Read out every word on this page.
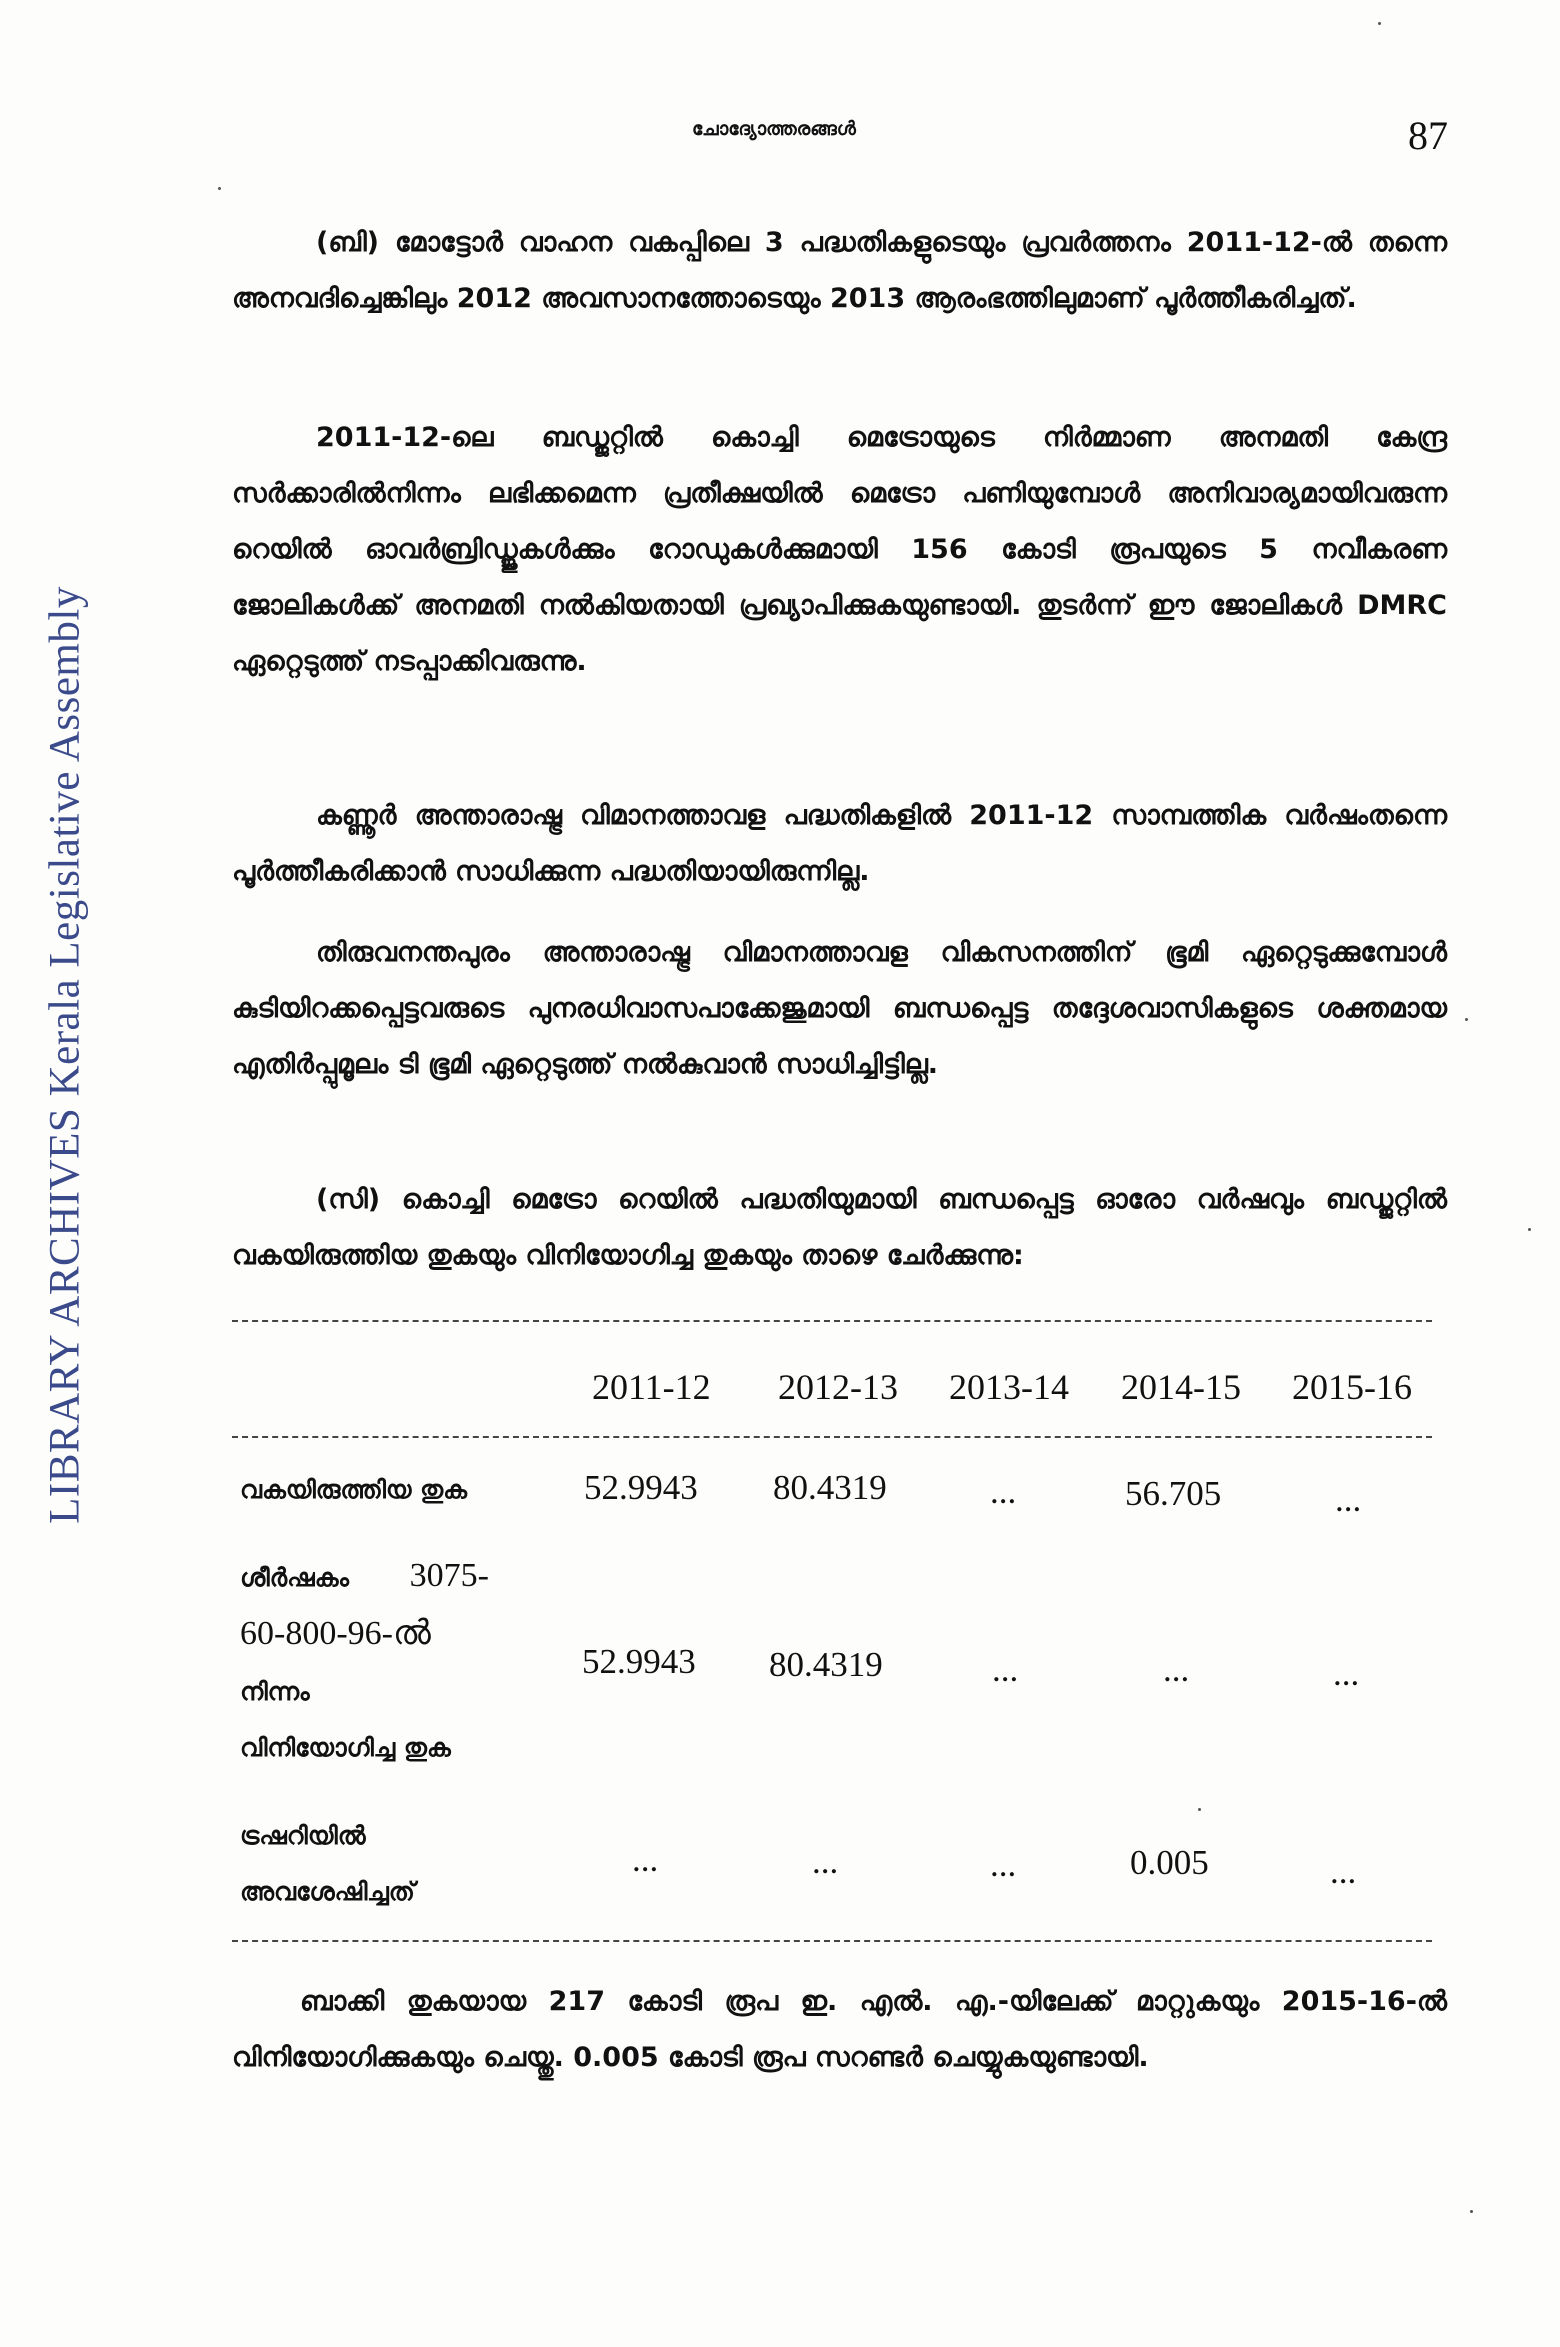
LIBRARY ARCHIVES Kerala Legislative Assembly
ചോദ്യോത്തരങ്ങൾ	87

(ബി) മോട്ടോർ വാഹന വകപ്പിലെ 3 പദ്ധതികളുടെയും പ്രവർത്തനം 2011-12-ൽ തന്നെ അനവദിച്ചെങ്കിലും 2012 അവസാനത്തോടെയും 2013 ആരംഭത്തിലുമാണ് പൂർത്തീകരിച്ചത്.

2011-12-ലെ ബഡ്ജറ്റിൽ കൊച്ചി മെട്രോയുടെ നിർമ്മാണ അനമതി കേന്ദ്ര സർക്കാരിൽനിന്നം ലഭിക്കമെന്ന പ്രതീക്ഷയിൽ മെട്രോ പണിയുമ്പോൾ അനിവാര്യമായിവരുന്ന റെയിൽ ഓവർബ്രിഡ്ജുകൾക്കും റോഡുകൾക്കുമായി 156 കോടി രൂപയുടെ 5 നവീകരണ ജോലികൾക്ക് അനമതി നൽകിയതായി പ്രഖ്യാപിക്കുകയുണ്ടായി. തുടർന്ന് ഈ ജോലികൾ DMRC ഏറ്റെടുത്ത് നടപ്പാക്കിവരുന്നു.

കണ്ണൂർ അന്താരാഷ്ട്ര വിമാനത്താവള പദ്ധതികളിൽ 2011-12 സാമ്പത്തിക വർഷംതന്നെ പൂർത്തീകരിക്കാൻ സാധിക്കുന്ന പദ്ധതിയായിരുന്നില്ല.

തിരുവനന്തപുരം അന്താരാഷ്ട്ര വിമാനത്താവള വികസനത്തിന് ഭൂമി ഏറ്റെടുക്കുമ്പോൾ കുടിയിറക്കപ്പെട്ടവരുടെ പുനരധിവാസപാക്കേജുമായി ബന്ധപ്പെട്ട തദ്ദേശവാസികളുടെ ശക്തമായ എതിർപ്പുമൂലം ടി ഭൂമി ഏറ്റെടുത്ത് നൽകുവാൻ സാധിച്ചിട്ടില്ല.

(സി) കൊച്ചി മെട്രോ റെയിൽ പദ്ധതിയുമായി ബന്ധപ്പെട്ട ഓരോ വർഷവും ബഡ്ജറ്റിൽ വകയിരുത്തിയ തുകയും വിനിയോഗിച്ച തുകയും താഴെ ചേർക്കുന്നു:

2011-12 2012-13 2013-14 2014-15 2015-16
വകയിരുത്തിയ തുക	52.9943 80.4319	...	56.705	...
ശീർഷകം 3075-
60-800-96-ൽ
നിന്നം
വിനിയോഗിച്ച തുക
52.9943 80.4319	...	...	...
ട്രഷറിയിൽ
അവശേഷിച്ചത്
...	...	...	0.005	...

ബാക്കി തുകയായ 217 കോടി രൂപ ഇ. എൽ. എ.-യിലേക്ക് മാറ്റുകയും 2015-16-ൽ വിനിയോഗിക്കുകയും ചെയ്തു. 0.005 കോടി രൂപ സറണ്ടർ ചെയ്യുകയുണ്ടായി.
